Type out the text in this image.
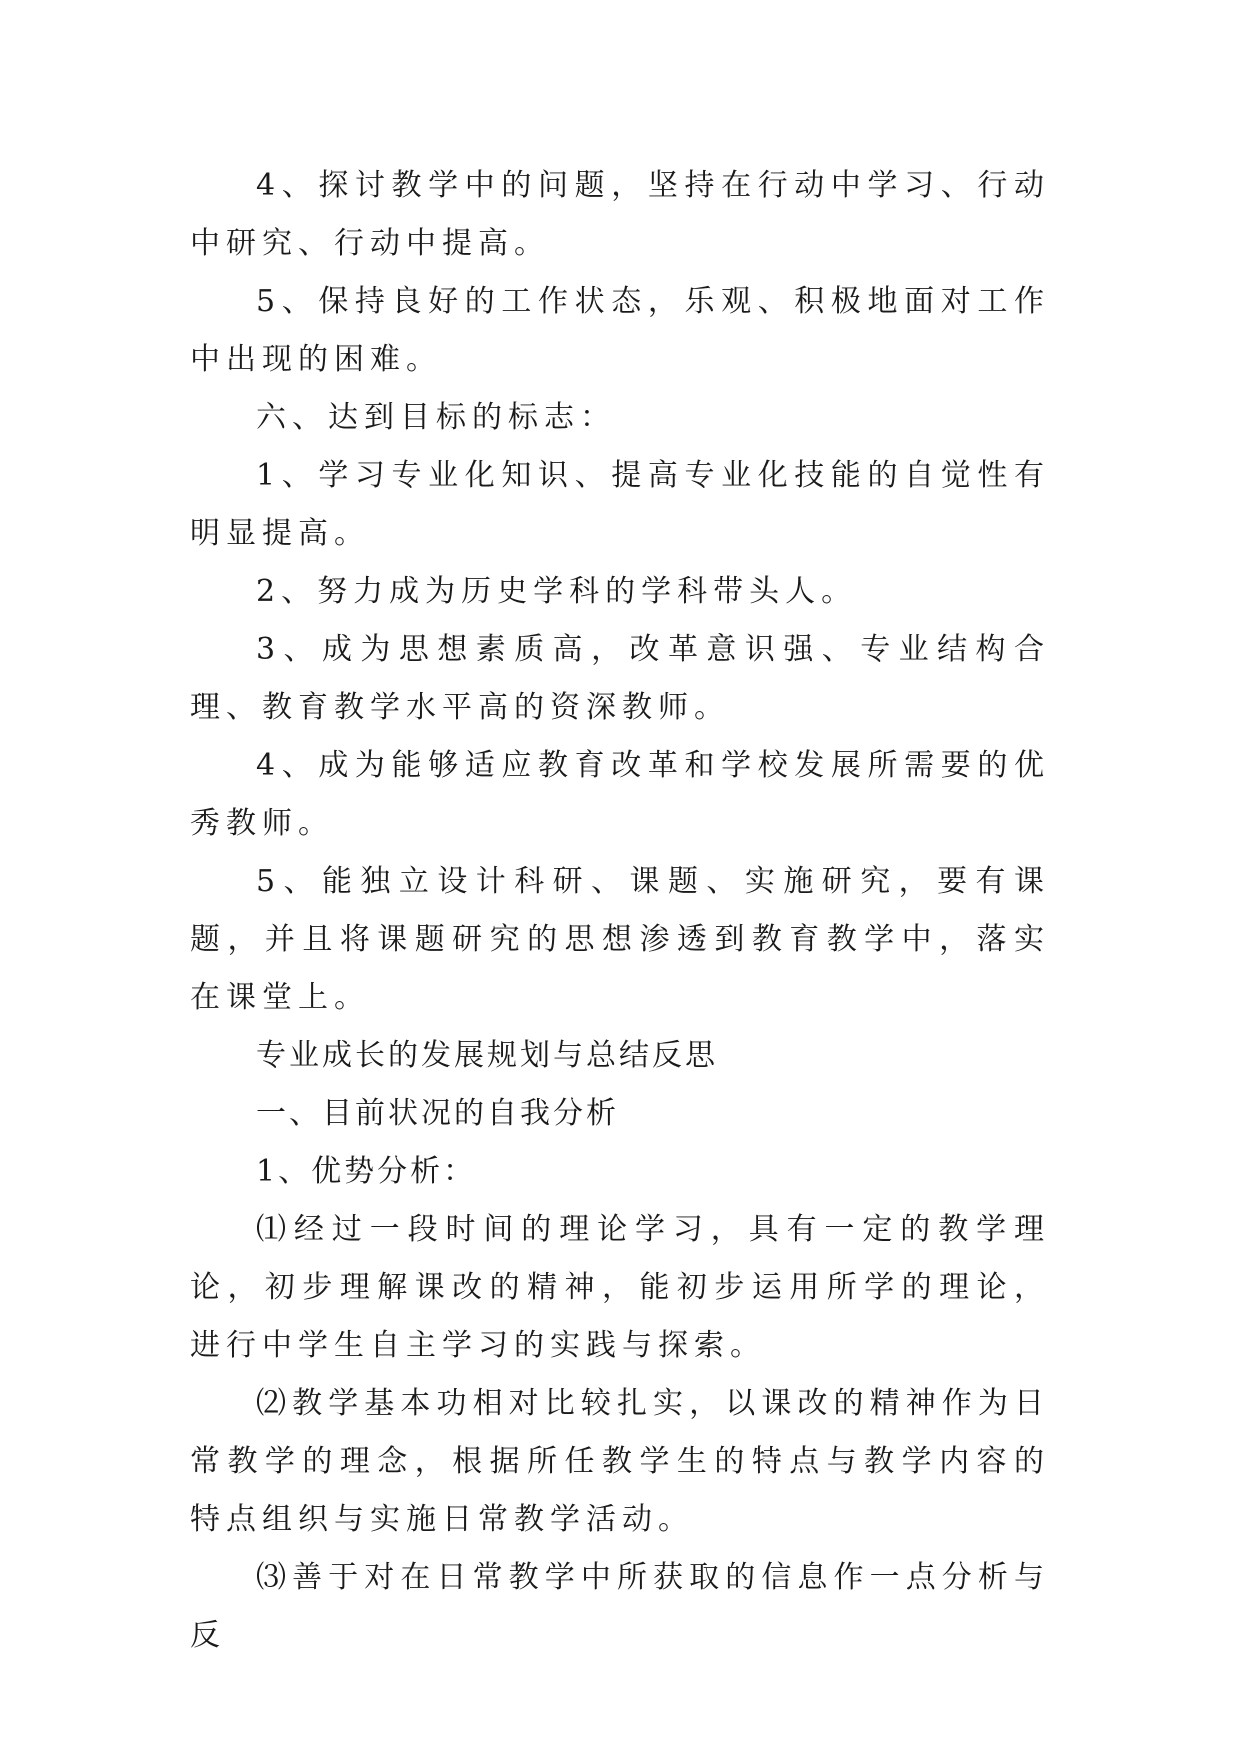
4、探讨教学中的问题，坚持在行动中学习、行动中研究、行动中提高。

5、保持良好的工作状态，乐观、积极地面对工作中出现的困难。

六、达到目标的标志：

1、学习专业化知识、提高专业化技能的自觉性有明显提高。

2、努力成为历史学科的学科带头人。

3、成为思想素质高，改革意识强、专业结构合理、教育教学水平高的资深教师。

4、成为能够适应教育改革和学校发展所需要的优秀教师。

5、能独立设计科研、课题、实施研究，要有课题，并且将课题研究的思想渗透到教育教学中，落实在课堂上。

专业成长的发展规划与总结反思

一、目前状况的自我分析

1、优势分析：

⑴经过一段时间的理论学习，具有一定的教学理论，初步理解课改的精神，能初步运用所学的理论，进行中学生自主学习的实践与探索。

⑵教学基本功相对比较扎实，以课改的精神作为日常教学的理念，根据所任教学生的特点与教学内容的特点组织与实施日常教学活动。

⑶善于对在日常教学中所获取的信息作一点分析与反
